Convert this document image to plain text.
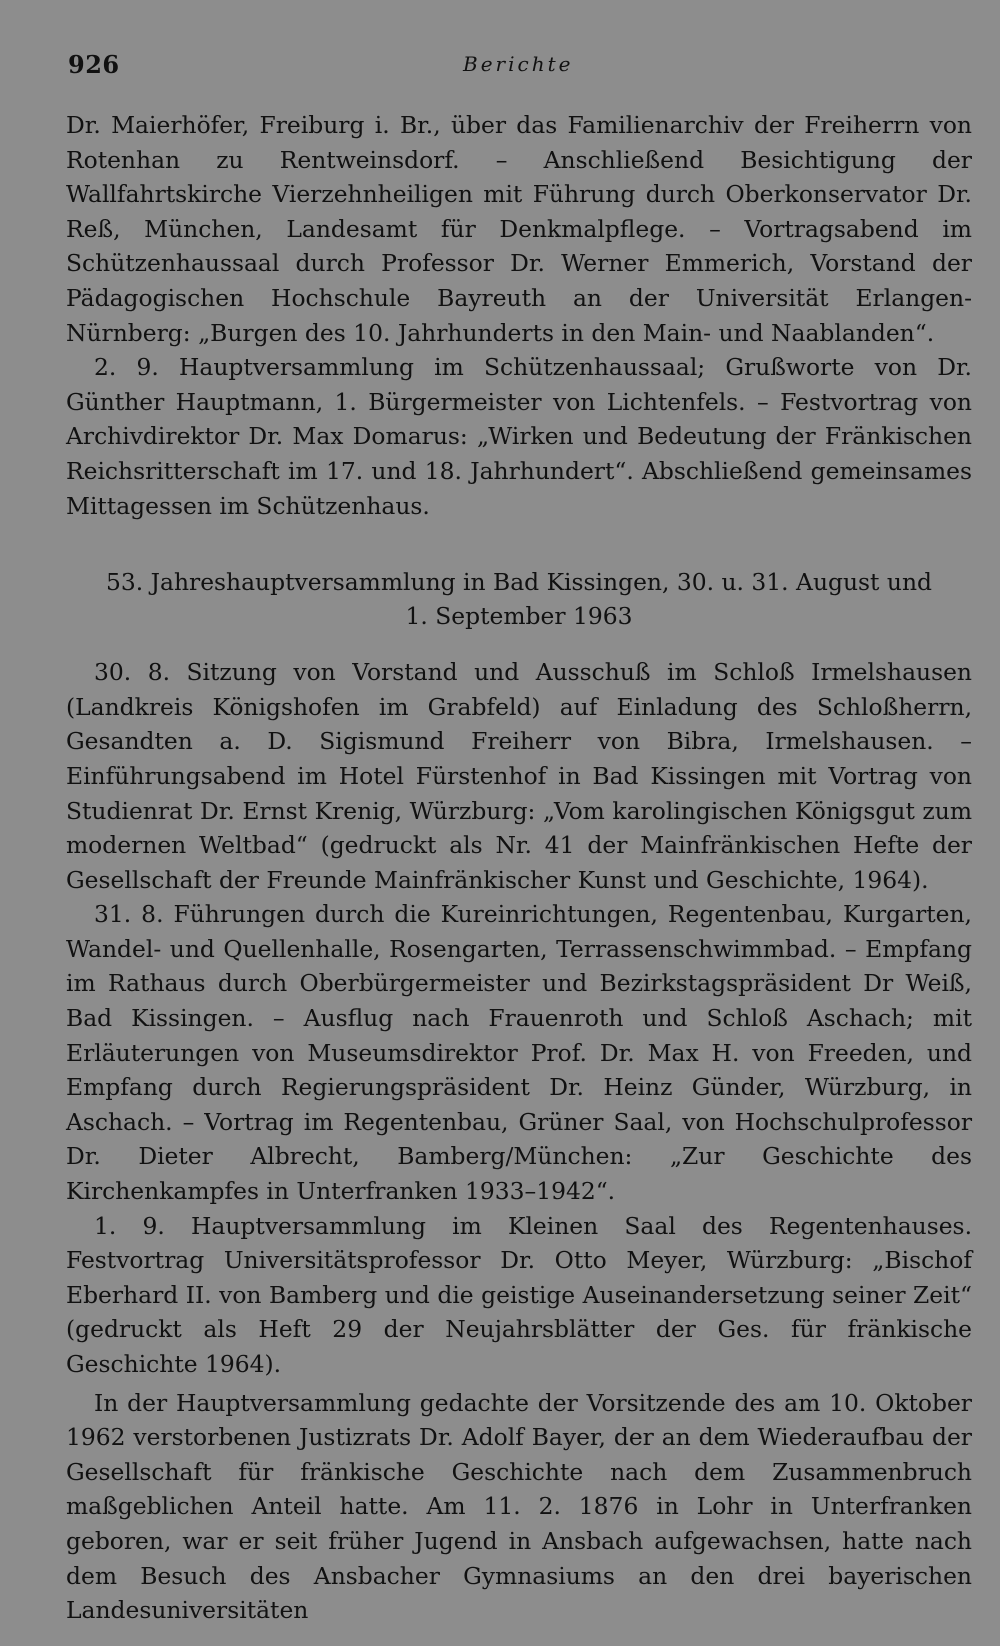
926	Berichte

Dr. Maierhöfer, Freiburg i. Br., über das Familienarchiv der Freiherrn von Rotenhan zu Rentweinsdorf. – Anschließend Besichtigung der Wallfahrtskirche Vierzehnheiligen mit Führung durch Oberkonservator Dr. Reß, München, Landesamt für Denkmalpflege. – Vortragsabend im Schützenhaussaal durch Professor Dr. Werner Emmerich, Vorstand der Pädagogischen Hochschule Bayreuth an der Universität Erlangen-Nürnberg: „Burgen des 10. Jahrhunderts in den Main- und Naablanden“.

2. 9. Hauptversammlung im Schützenhaussaal; Grußworte von Dr. Günther Hauptmann, 1. Bürgermeister von Lichtenfels. – Festvortrag von Archivdirektor Dr. Max Domarus: „Wirken und Bedeutung der Fränkischen Reichsritterschaft im 17. und 18. Jahrhundert“. Abschließend gemeinsames Mittagessen im Schützenhaus.

53. Jahreshauptversammlung in Bad Kissingen, 30. u. 31. August und
1. September 1963

30. 8. Sitzung von Vorstand und Ausschuß im Schloß Irmelshausen (Landkreis Königshofen im Grabfeld) auf Einladung des Schloßherrn, Gesandten a. D. Sigismund Freiherr von Bibra, Irmelshausen. – Einführungsabend im Hotel Fürstenhof in Bad Kissingen mit Vortrag von Studienrat Dr. Ernst Krenig, Würzburg: „Vom karolingischen Königsgut zum modernen Weltbad“ (gedruckt als Nr. 41 der Mainfränkischen Hefte der Gesellschaft der Freunde Mainfränkischer Kunst und Geschichte, 1964).

31. 8. Führungen durch die Kureinrichtungen, Regentenbau, Kurgarten, Wandel- und Quellenhalle, Rosengarten, Terrassenschwimmbad. – Empfang im Rathaus durch Oberbürgermeister und Bezirkstagspräsident Dr Weiß, Bad Kissingen. – Ausflug nach Frauenroth und Schloß Aschach; mit Erläuterungen von Museumsdirektor Prof. Dr. Max H. von Freeden, und Empfang durch Regierungspräsident Dr. Heinz Günder, Würzburg, in Aschach. – Vortrag im Regentenbau, Grüner Saal, von Hochschulprofessor Dr. Dieter Albrecht, Bamberg/München: „Zur Geschichte des Kirchenkampfes in Unterfranken 1933–1942“.

1. 9. Hauptversammlung im Kleinen Saal des Regentenhauses. Festvortrag Universitätsprofessor Dr. Otto Meyer, Würzburg: „Bischof Eberhard II. von Bamberg und die geistige Auseinandersetzung seiner Zeit“ (gedruckt als Heft 29 der Neujahrsblätter der Ges. für fränkische Geschichte 1964).

In der Hauptversammlung gedachte der Vorsitzende des am 10. Oktober 1962 verstorbenen Justizrats Dr. Adolf Bayer, der an dem Wiederaufbau der Gesellschaft für fränkische Geschichte nach dem Zusammenbruch maßgeblichen Anteil hatte. Am 11. 2. 1876 in Lohr in Unterfranken geboren, war er seit früher Jugend in Ansbach aufgewachsen, hatte nach dem Besuch des Ansbacher Gymnasiums an den drei bayerischen Landesuniversitäten
